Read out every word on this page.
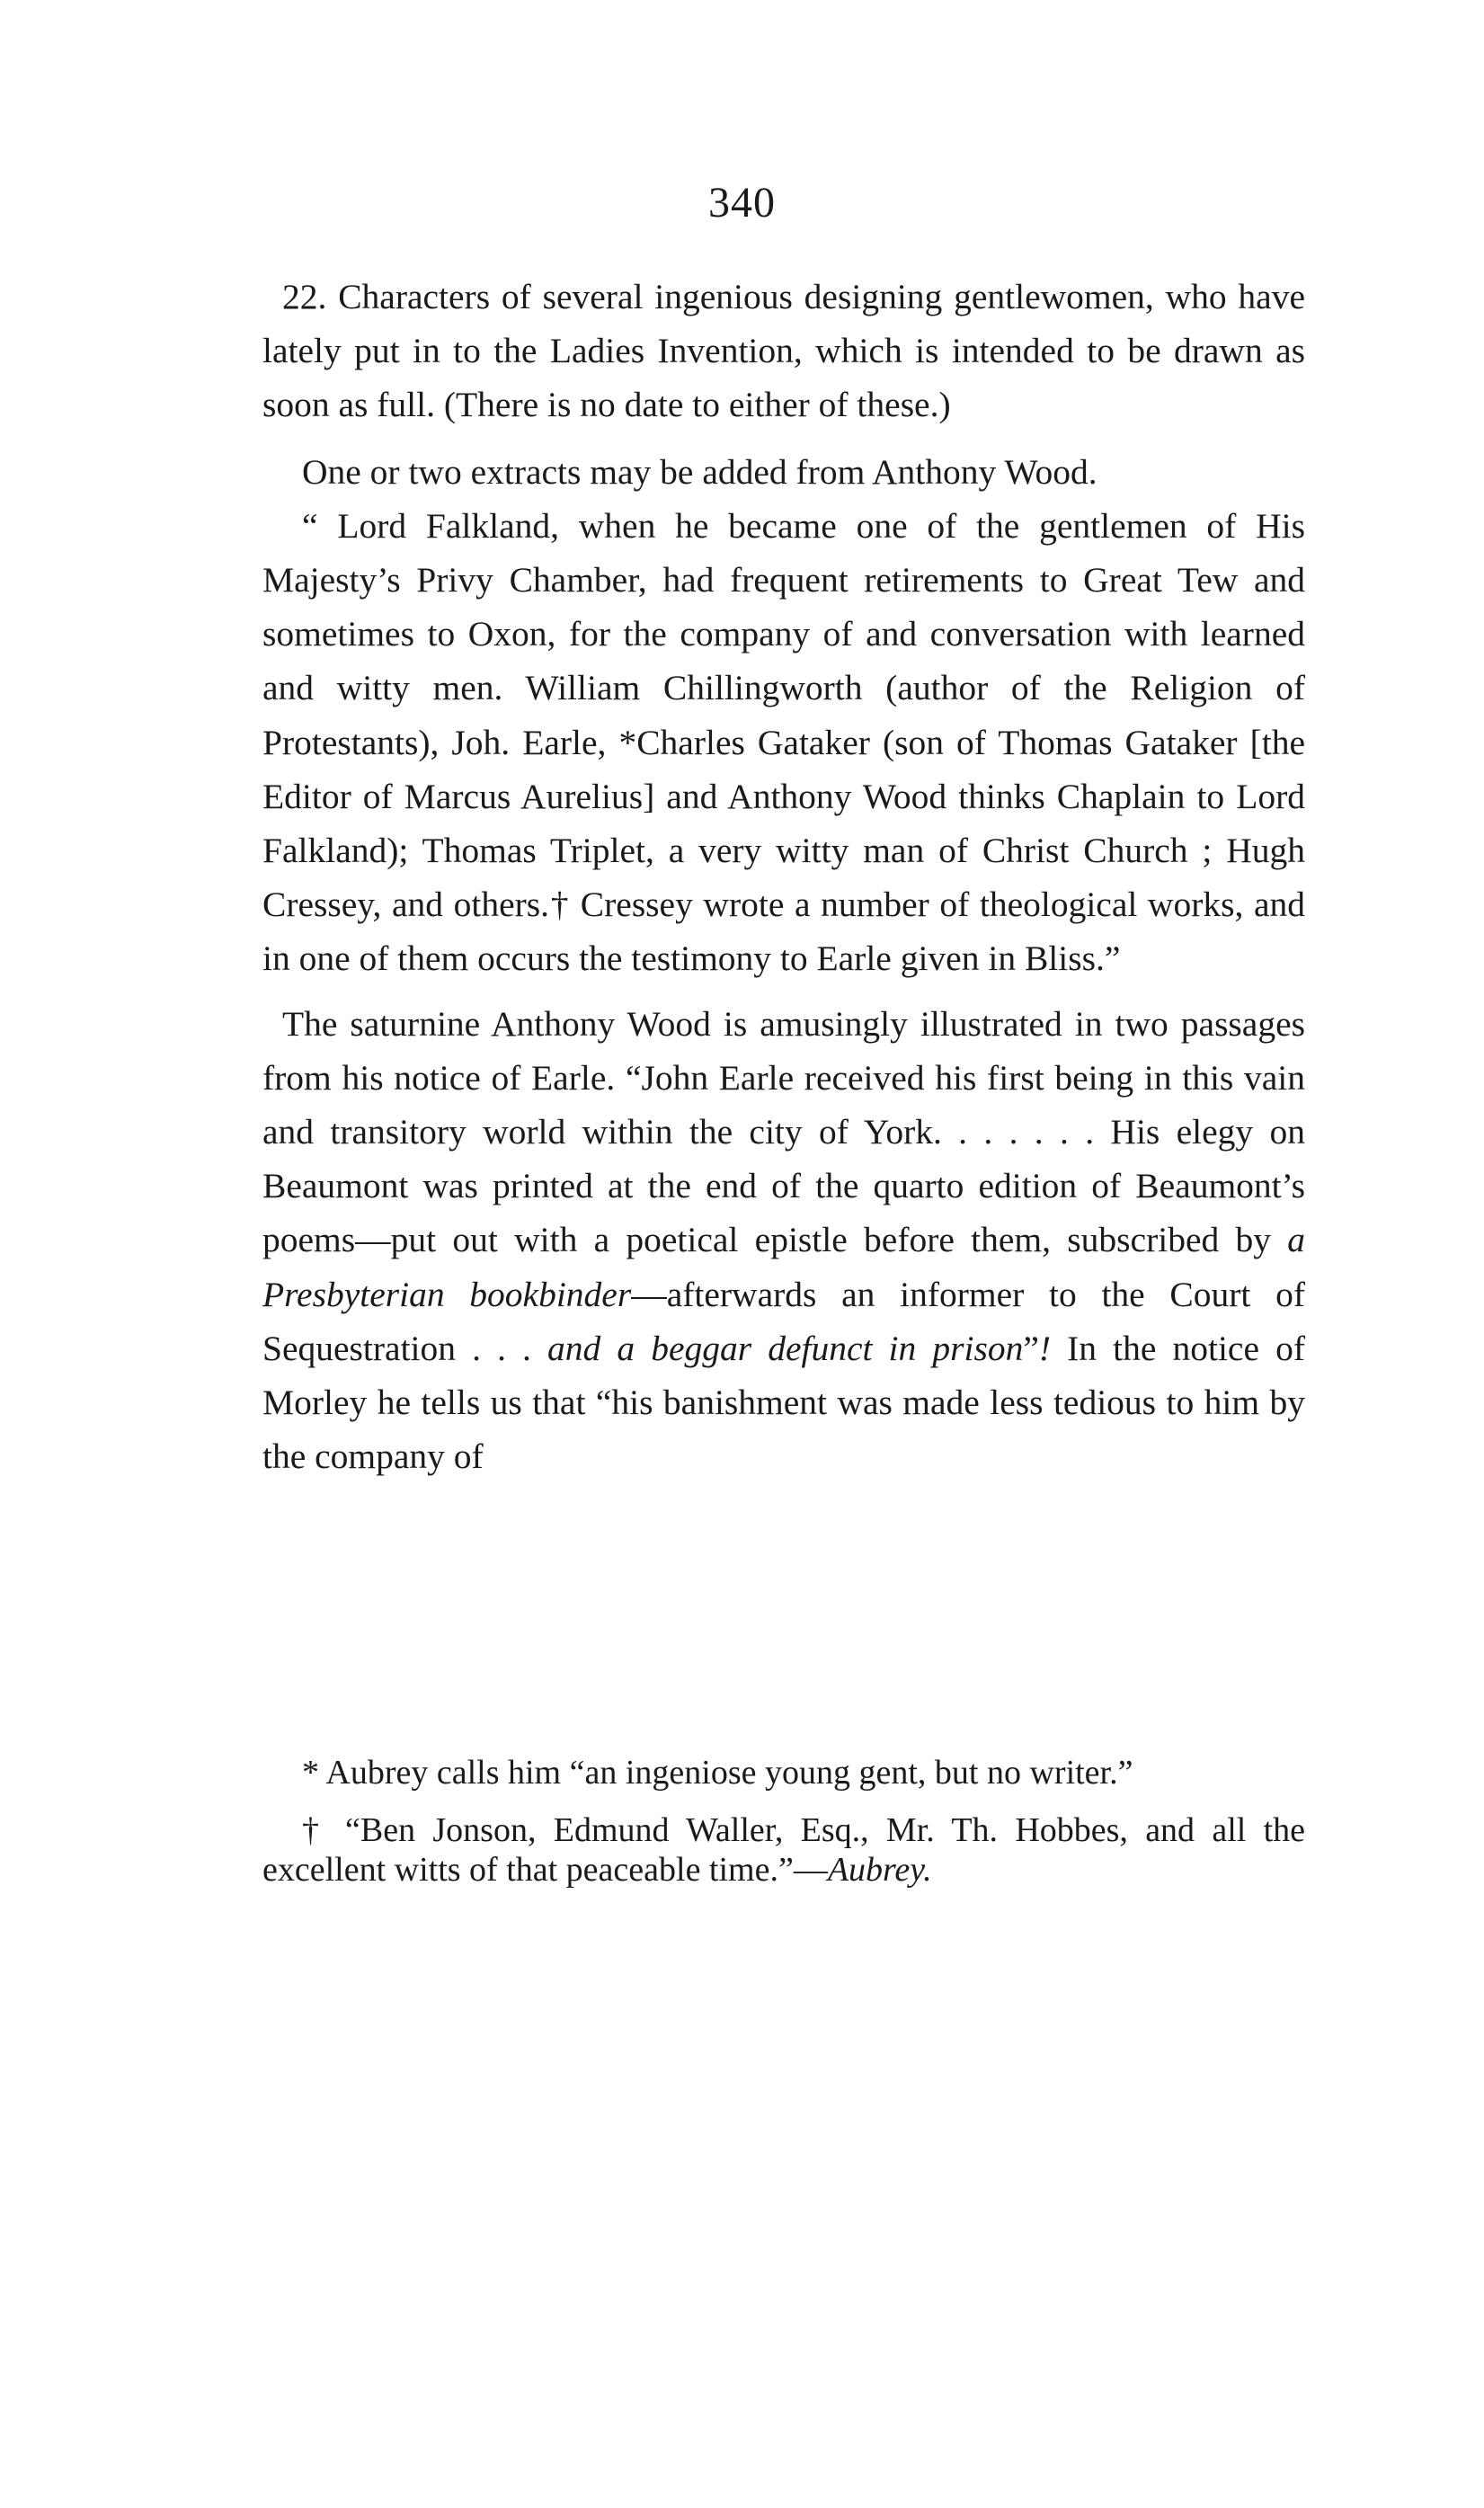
340

22. Characters of several ingenious designing gentlewomen, who have lately put in to the Ladies Invention, which is intended to be drawn as soon as full. (There is no date to either of these.)

One or two extracts may be added from Anthony Wood.

“ Lord Falkland, when he became one of the gentlemen of His Majesty’s Privy Chamber, had frequent retirements to Great Tew and sometimes to Oxon, for the company of and conversation with learned and witty men. William Chillingworth (author of the Religion of Protestants), Joh. Earle, *Charles Gataker (son of Thomas Gataker [the Editor of Marcus Aurelius] and Anthony Wood thinks Chaplain to Lord Falkland); Thomas Triplet, a very witty man of Christ Church ; Hugh Cressey, and others.† Cressey wrote a number of theological works, and in one of them occurs the testimony to Earle given in Bliss.”

The saturnine Anthony Wood is amusingly illustrated in two passages from his notice of Earle. “John Earle received his first being in this vain and transitory world within the city of York. . . . . . . His elegy on Beaumont was printed at the end of the quarto edition of Beaumont’s poems—put out with a poetical epistle before them, subscribed by a Presbyterian bookbinder—afterwards an informer to the Court of Sequestration . . . and a beggar defunct in prison”! In the notice of Morley he tells us that “his banishment was made less tedious to him by the company of

* Aubrey calls him “an ingeniose young gent, but no writer.”

† “Ben Jonson, Edmund Waller, Esq., Mr. Th. Hobbes, and all the excellent witts of that peaceable time.”—Aubrey.
